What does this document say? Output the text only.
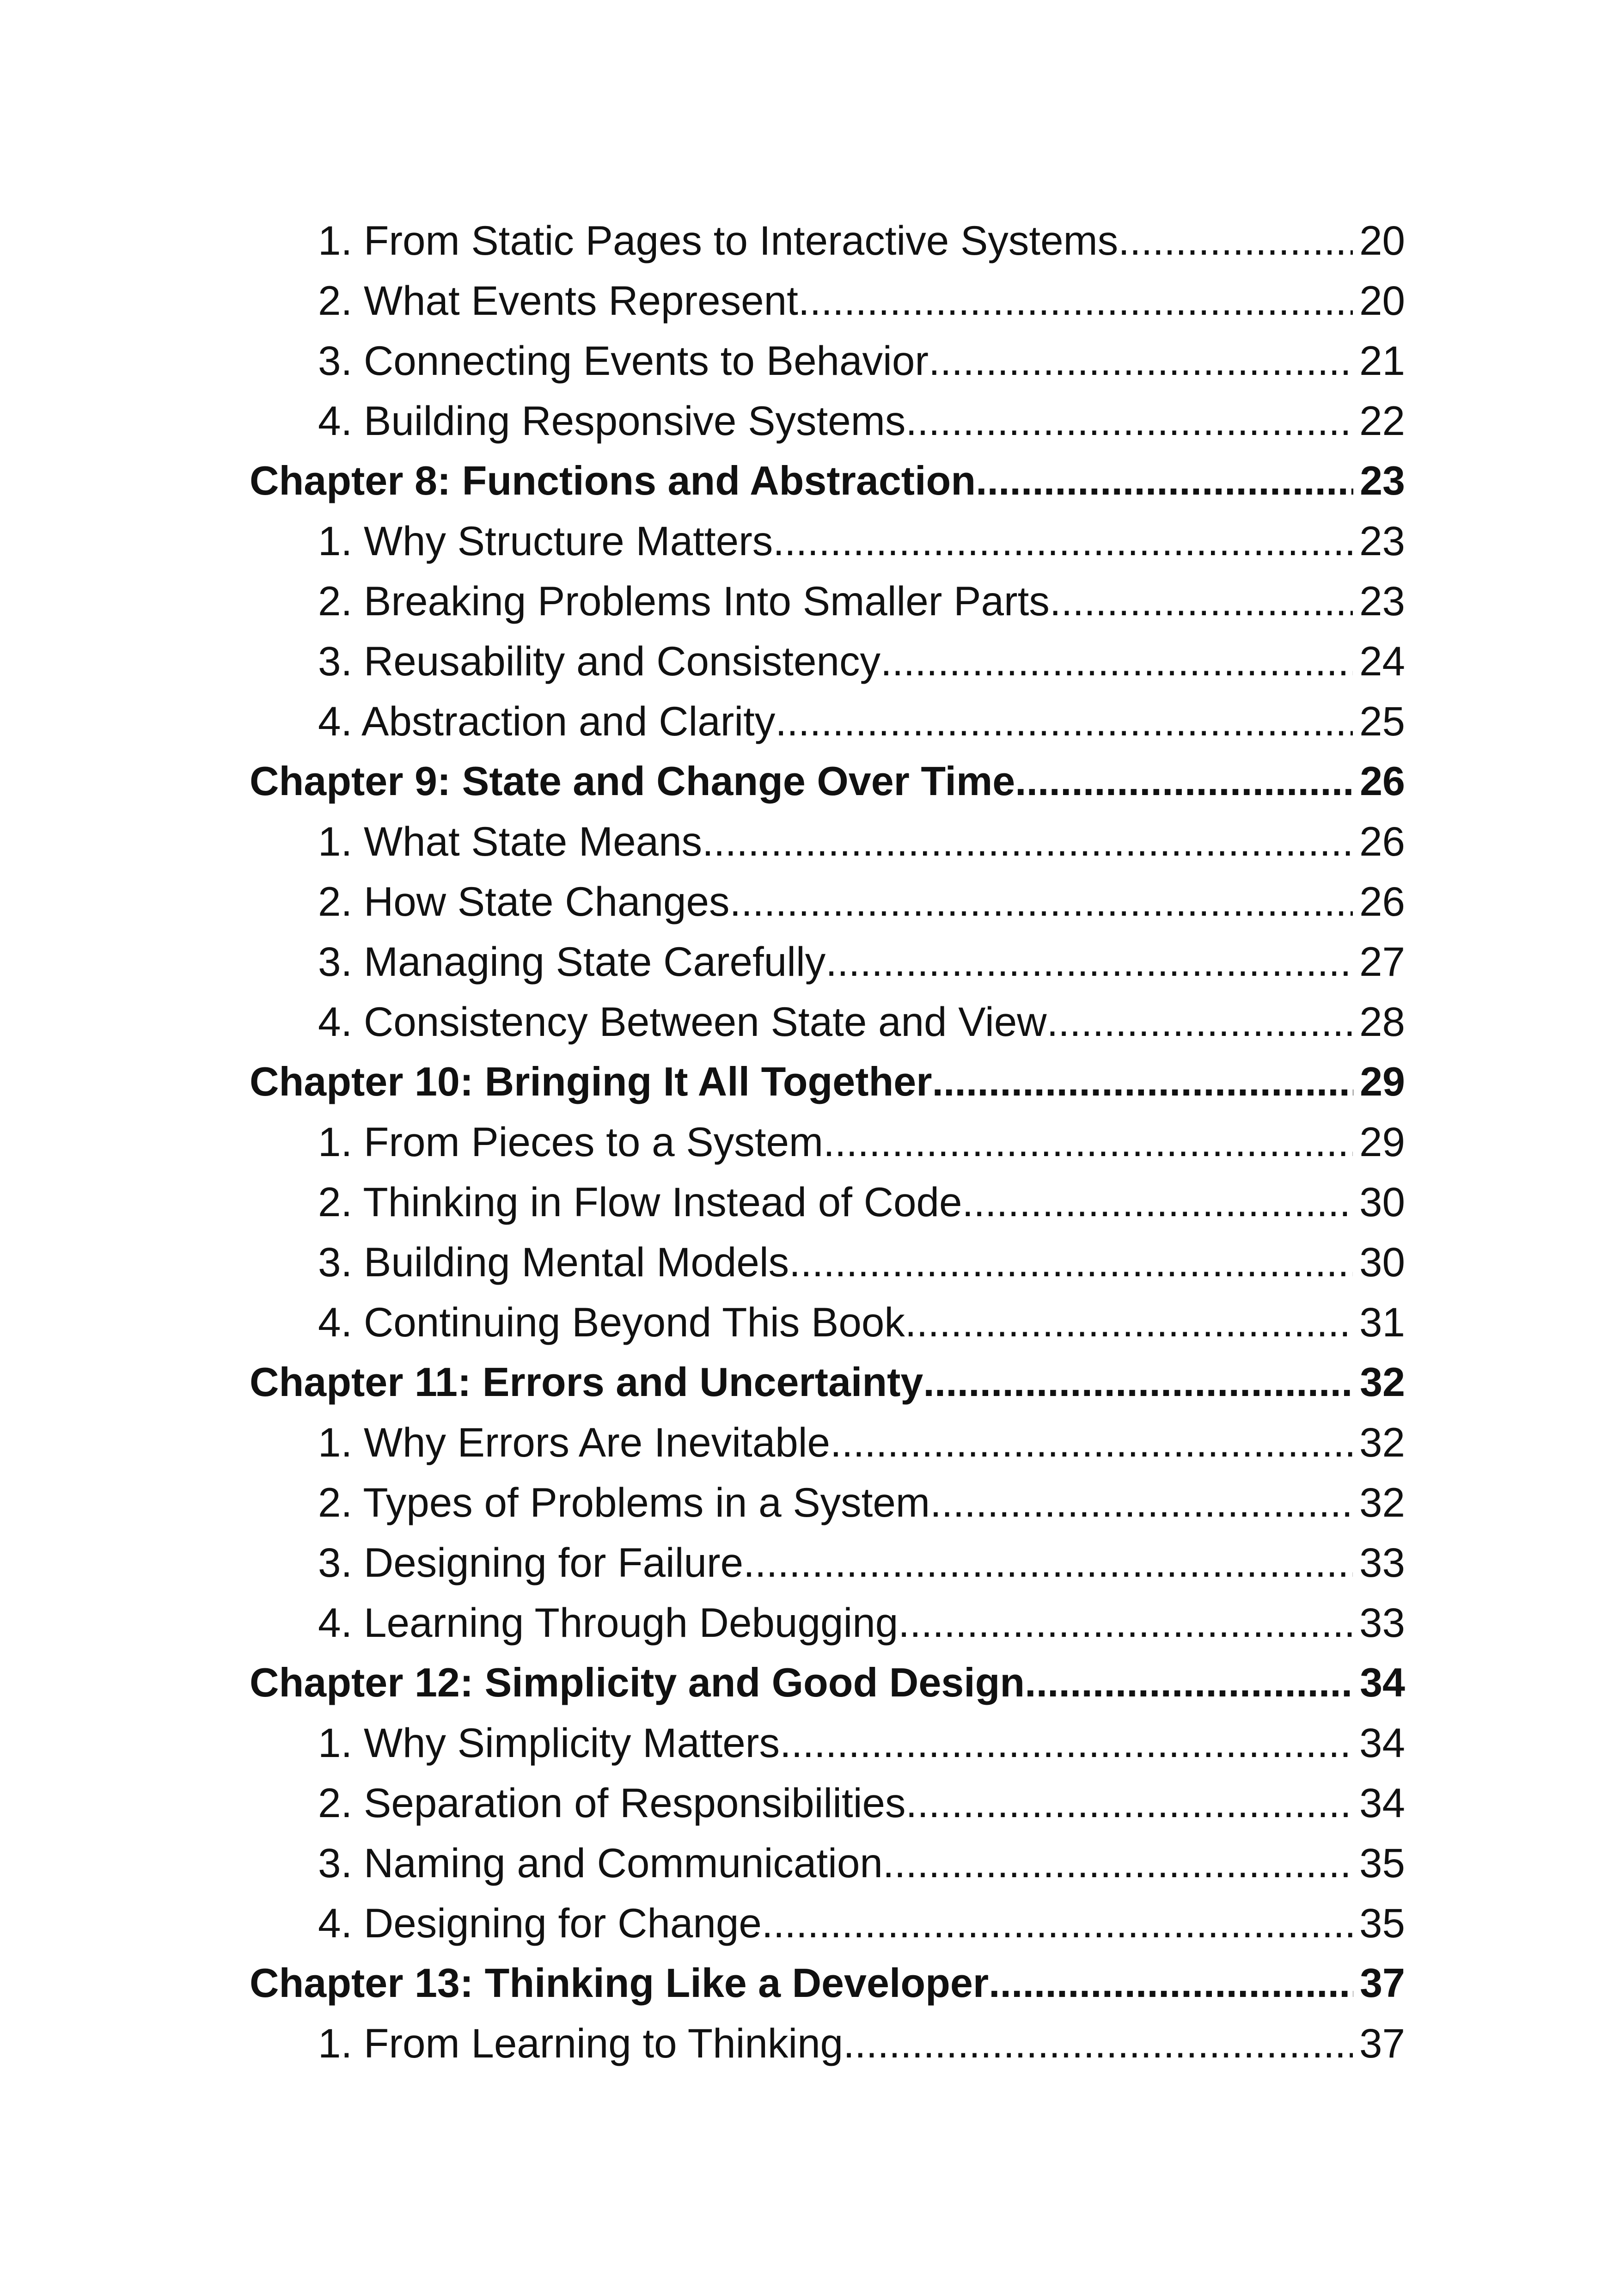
1. From Static Pages to Interactive Systems .....	20
2. What Events Represent .....	20
3. Connecting Events to Behavior .....	21
4. Building Responsive Systems .....	22
Chapter 8: Functions and Abstraction .....	23
1. Why Structure Matters .....	23
2. Breaking Problems Into Smaller Parts .....	23
3. Reusability and Consistency .....	24
4. Abstraction and Clarity .....	25
Chapter 9: State and Change Over Time .....	26
1. What State Means .....	26
2. How State Changes .....	26
3. Managing State Carefully .....	27
4. Consistency Between State and View .....	28
Chapter 10: Bringing It All Together .....	29
1. From Pieces to a System .....	29
2. Thinking in Flow Instead of Code .....	30
3. Building Mental Models .....	30
4. Continuing Beyond This Book .....	31
Chapter 11: Errors and Uncertainty .....	32
1. Why Errors Are Inevitable .....	32
2. Types of Problems in a System .....	32
3. Designing for Failure .....	33
4. Learning Through Debugging .....	33
Chapter 12: Simplicity and Good Design .....	34
1. Why Simplicity Matters .....	34
2. Separation of Responsibilities .....	34
3. Naming and Communication .....	35
4. Designing for Change .....	35
Chapter 13: Thinking Like a Developer .....	37
1. From Learning to Thinking .....	37
